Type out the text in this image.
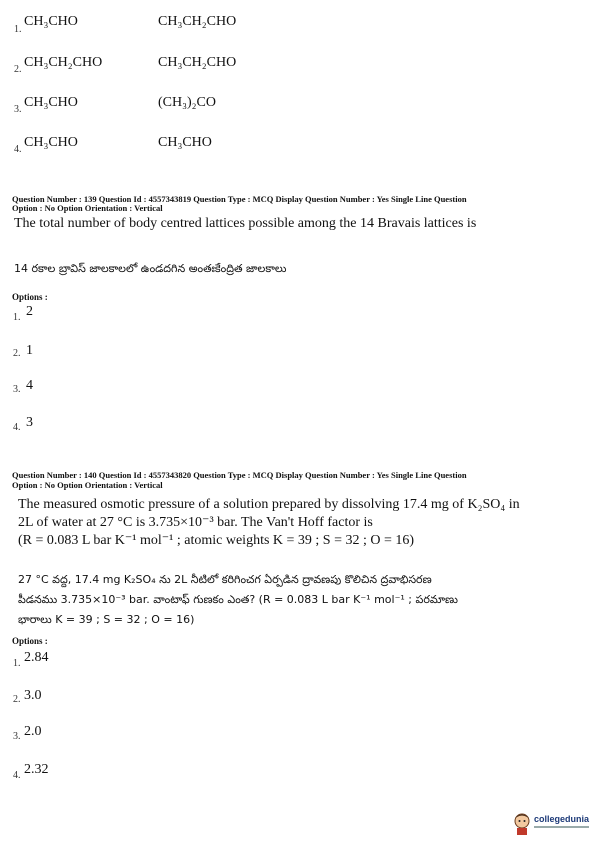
1.
CH₃CHO	CH₃CH₂CHO
2. CH₃CH₂CHO	CH₃CH₂CHO
3. CH₃CHO	(CH₃)₂CO
4. CH₃CHO	CH₃CHO
Question Number : 139 Question Id : 4557343819 Question Type : MCQ Display Question Number : Yes Single Line Question
Option : No Option Orientation : Vertical
The total number of body centred lattices possible among the 14 Bravais lattices is
14 రకాల బ్రావిస్ జాలకాలలో ఉండదగిన అంతఃకేంద్రిత జాలకాలు
Options :
1. 2
2. 1
3. 4
4. 3
Question Number : 140 Question Id : 4557343820 Question Type : MCQ Display Question Number : Yes Single Line Question
Option : No Option Orientation : Vertical
The measured osmotic pressure of a solution prepared by dissolving 17.4 mg of K₂SO₄ in
2L of water at 27 °C is 3.735×10⁻³ bar. The Van't Hoff factor is
(R = 0.083 L bar K⁻¹ mol⁻¹ ; atomic weights K = 39 ; S = 32 ; O = 16)
27 °C వద్ద, 17.4 mg K₂SO₄ ను 2L నీటిలో కరిగించగ ఏర్పడిన ద్రావణపు కొలిచిన ద్రవాభిసరణ
పీడనము 3.735×10⁻³ bar. వాంటాఫ్ గుణకం ఎంత? (R = 0.083 L bar K⁻¹ mol⁻¹ ; పరమాణు
భారాలు K = 39 ; S = 32 ; O = 16)
Options :
1. 2.84
2. 3.0
3. 2.0
4. 2.32
collegedunia
